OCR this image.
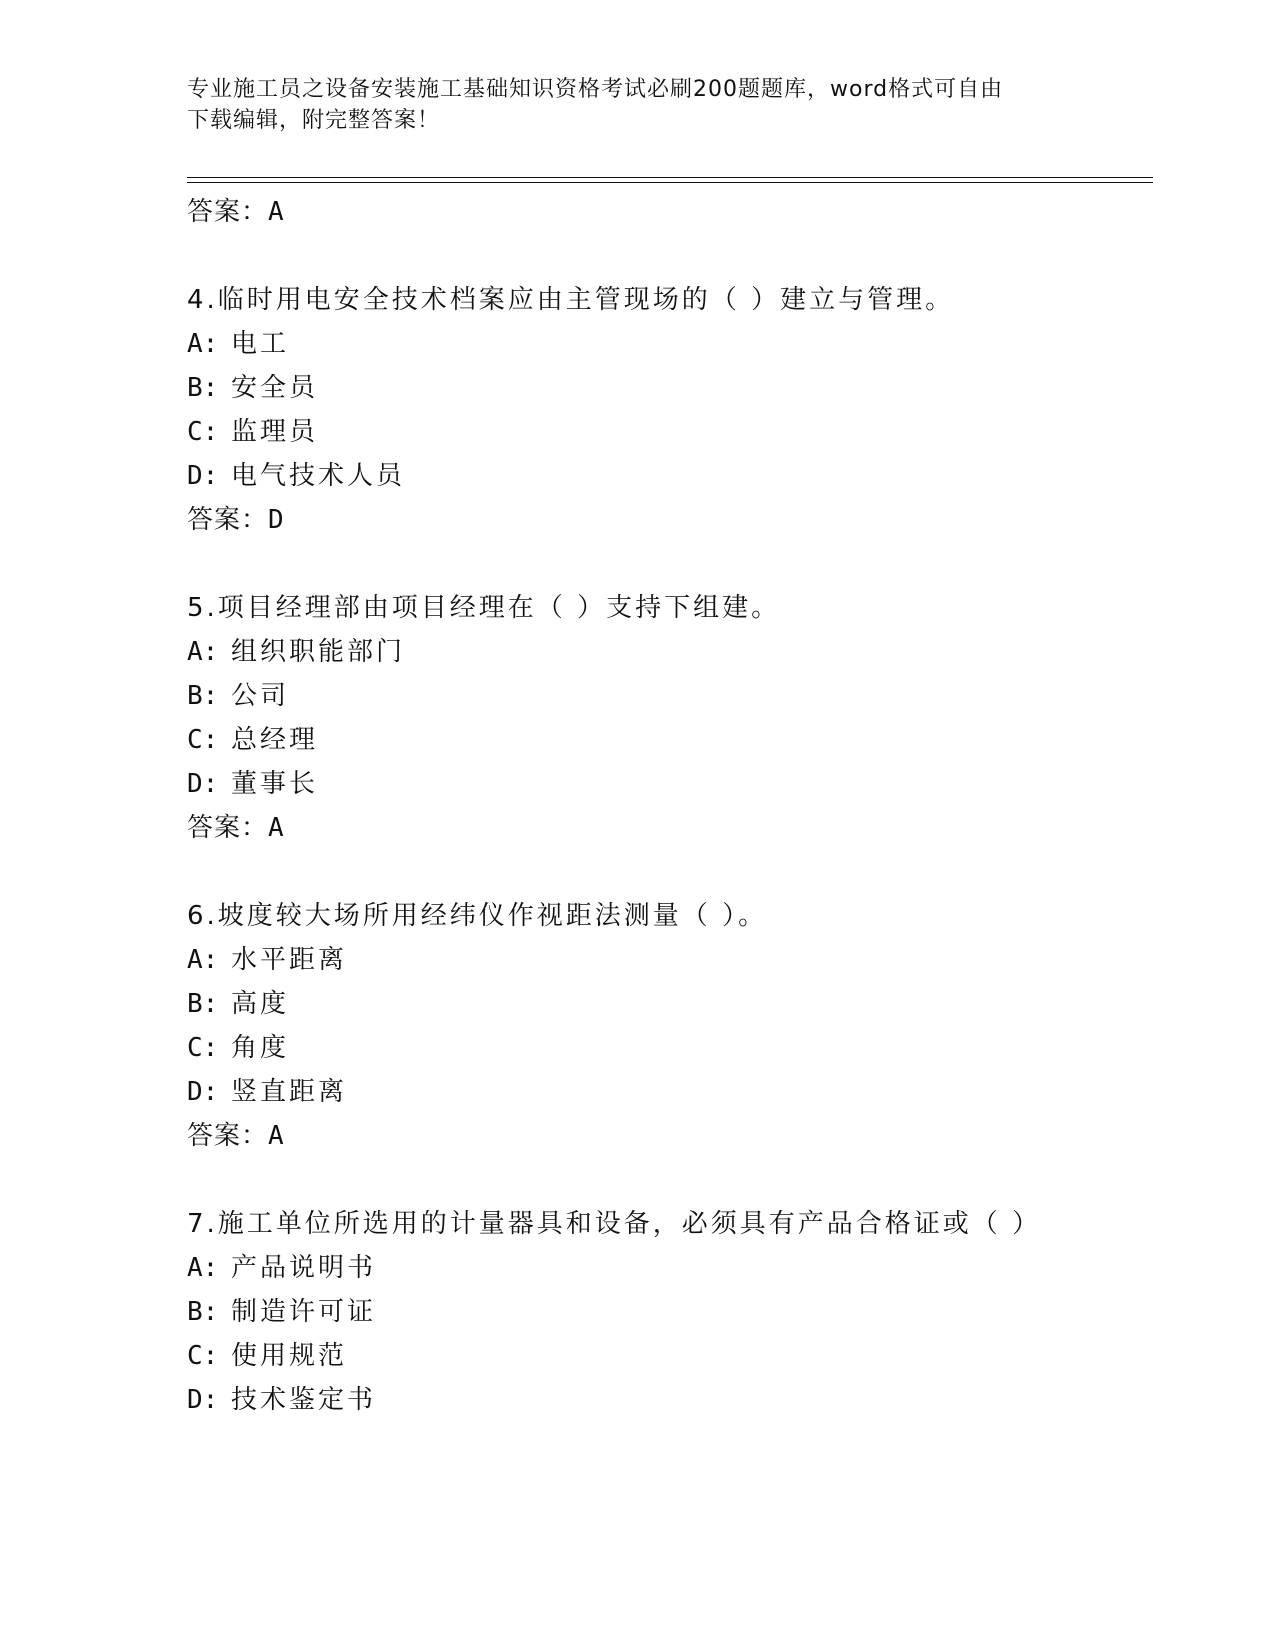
专业施工员之设备安装施工基础知识资格考试必刷200题题库，word格式可自由
下载编辑，附完整答案！
答案：A
4.临时用电安全技术档案应由主管现场的（ ）建立与管理。
A: 电工
B: 安全员
C: 监理员
D: 电气技术人员
答案：D
5.项目经理部由项目经理在（ ）支持下组建。
A: 组织职能部门
B: 公司
C: 总经理
D: 董事长
答案：A
6.坡度较大场所用经纬仪作视距法测量（ ）。
A: 水平距离
B: 高度
C: 角度
D: 竖直距离
答案：A
7.施工单位所选用的计量器具和设备，必须具有产品合格证或（ ）
A: 产品说明书
B: 制造许可证
C: 使用规范
D: 技术鉴定书
